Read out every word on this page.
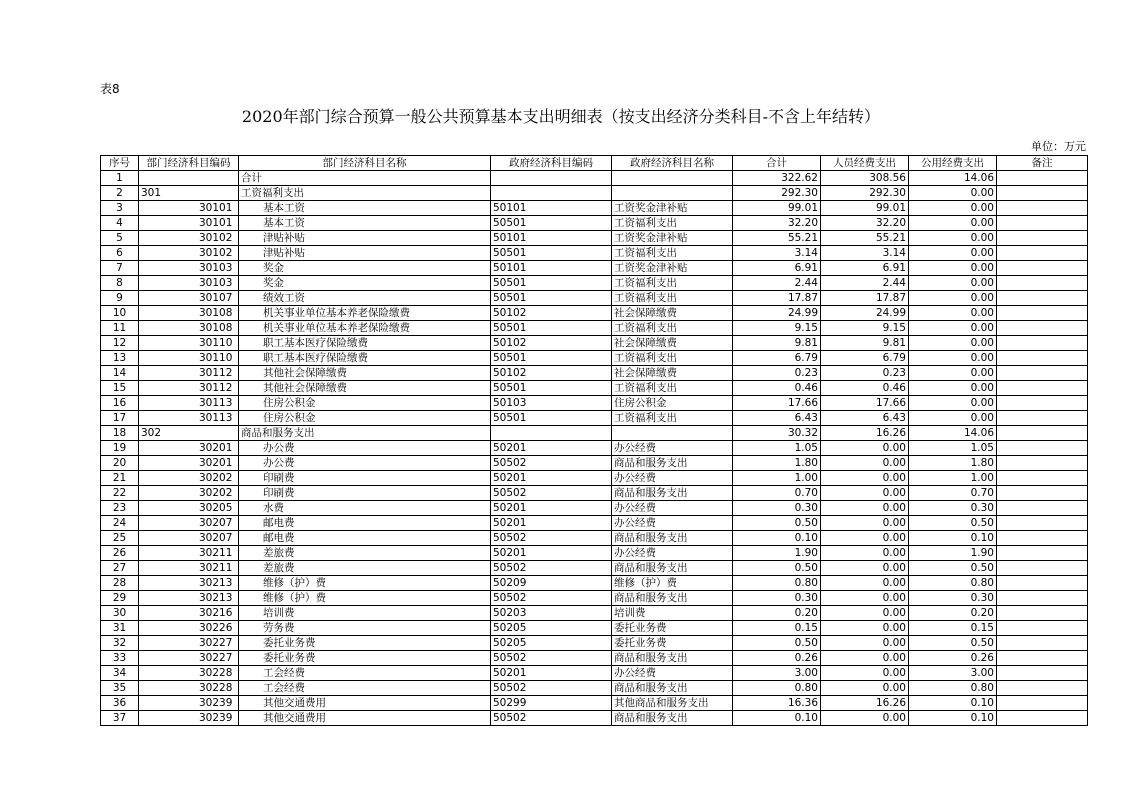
表8
2020年部门综合预算一般公共预算基本支出明细表（按支出经济分类科目-不含上年结转）
单位：万元
序号	部门经济科目编码	部门经济科目名称	政府经济科目编码	政府经济科目名称	合计	人员经费支出	公用经费支出	备注
1		合计			322.62	308.56	14.06	
2	301	工资福利支出			292.30	292.30	0.00	
3	30101	基本工资	50101	工资奖金津补贴	99.01	99.01	0.00	
4	30101	基本工资	50501	工资福利支出	32.20	32.20	0.00	
5	30102	津贴补贴	50101	工资奖金津补贴	55.21	55.21	0.00	
6	30102	津贴补贴	50501	工资福利支出	3.14	3.14	0.00	
7	30103	奖金	50101	工资奖金津补贴	6.91	6.91	0.00	
8	30103	奖金	50501	工资福利支出	2.44	2.44	0.00	
9	30107	绩效工资	50501	工资福利支出	17.87	17.87	0.00	
10	30108	机关事业单位基本养老保险缴费	50102	社会保障缴费	24.99	24.99	0.00	
11	30108	机关事业单位基本养老保险缴费	50501	工资福利支出	9.15	9.15	0.00	
12	30110	职工基本医疗保险缴费	50102	社会保障缴费	9.81	9.81	0.00	
13	30110	职工基本医疗保险缴费	50501	工资福利支出	6.79	6.79	0.00	
14	30112	其他社会保障缴费	50102	社会保障缴费	0.23	0.23	0.00	
15	30112	其他社会保障缴费	50501	工资福利支出	0.46	0.46	0.00	
16	30113	住房公积金	50103	住房公积金	17.66	17.66	0.00	
17	30113	住房公积金	50501	工资福利支出	6.43	6.43	0.00	
18	302	商品和服务支出			30.32	16.26	14.06	
19	30201	办公费	50201	办公经费	1.05	0.00	1.05	
20	30201	办公费	50502	商品和服务支出	1.80	0.00	1.80	
21	30202	印刷费	50201	办公经费	1.00	0.00	1.00	
22	30202	印刷费	50502	商品和服务支出	0.70	0.00	0.70	
23	30205	水费	50201	办公经费	0.30	0.00	0.30	
24	30207	邮电费	50201	办公经费	0.50	0.00	0.50	
25	30207	邮电费	50502	商品和服务支出	0.10	0.00	0.10	
26	30211	差旅费	50201	办公经费	1.90	0.00	1.90	
27	30211	差旅费	50502	商品和服务支出	0.50	0.00	0.50	
28	30213	维修（护）费	50209	维修（护）费	0.80	0.00	0.80	
29	30213	维修（护）费	50502	商品和服务支出	0.30	0.00	0.30	
30	30216	培训费	50203	培训费	0.20	0.00	0.20	
31	30226	劳务费	50205	委托业务费	0.15	0.00	0.15	
32	30227	委托业务费	50205	委托业务费	0.50	0.00	0.50	
33	30227	委托业务费	50502	商品和服务支出	0.26	0.00	0.26	
34	30228	工会经费	50201	办公经费	3.00	0.00	3.00	
35	30228	工会经费	50502	商品和服务支出	0.80	0.00	0.80	
36	30239	其他交通费用	50299	其他商品和服务支出	16.36	16.26	0.10	
37	30239	其他交通费用	50502	商品和服务支出	0.10	0.00	0.10	
